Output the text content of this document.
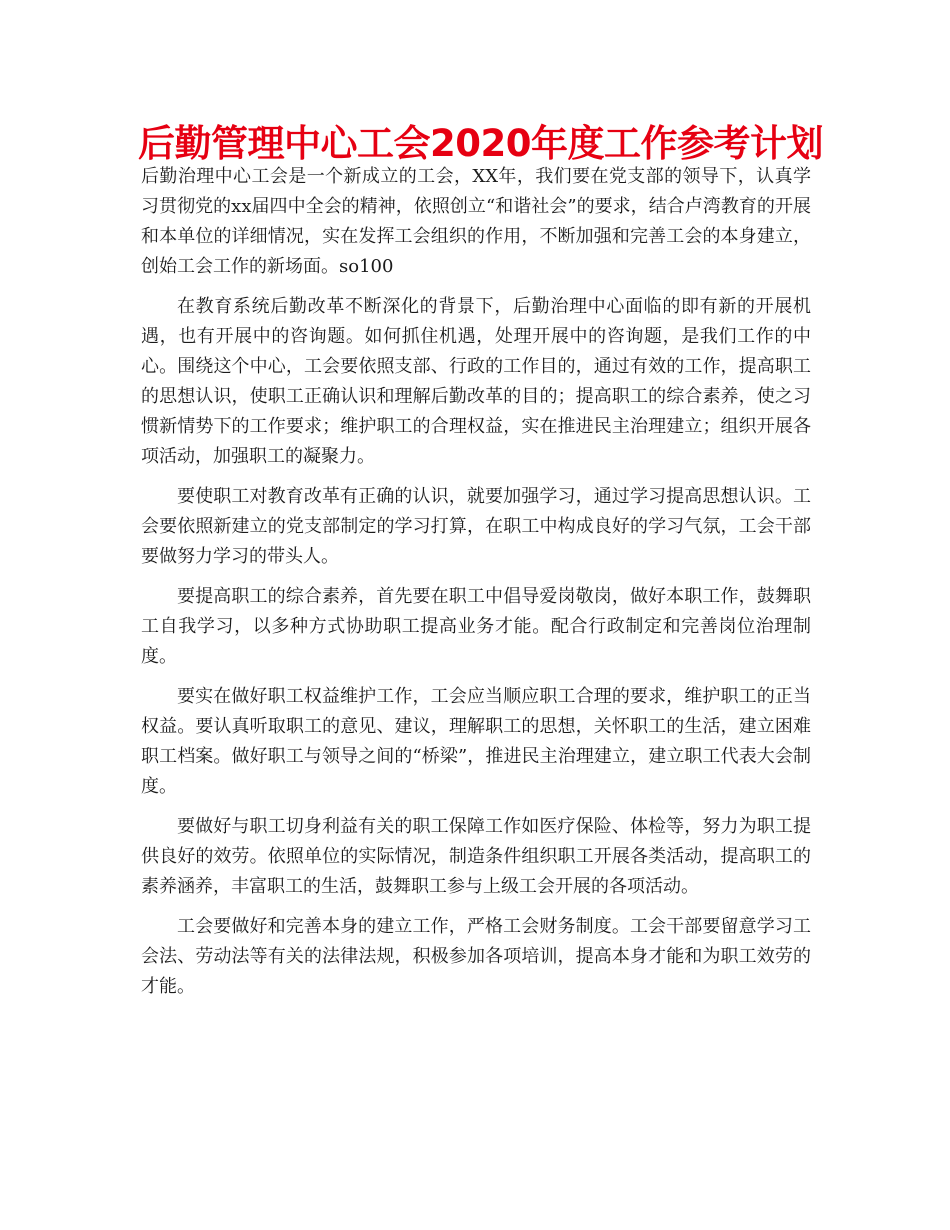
后勤管理中心工会2020年度工作参考计划

后勤治理中心工会是一个新成立的工会，XX年，我们要在党支部的领导下，认真学习贯彻党的xx届四中全会的精神，依照创立“和谐社会”的要求，结合卢湾教育的开展和本单位的详细情况，实在发挥工会组织的作用，不断加强和完善工会的本身建立，创始工会工作的新场面。so100

在教育系统后勤改革不断深化的背景下，后勤治理中心面临的即有新的开展机遇，也有开展中的咨询题。如何抓住机遇，处理开展中的咨询题，是我们工作的中心。围绕这个中心，工会要依照支部、行政的工作目的，通过有效的工作，提高职工的思想认识，使职工正确认识和理解后勤改革的目的；提高职工的综合素养，使之习惯新情势下的工作要求；维护职工的合理权益，实在推进民主治理建立；组织开展各项活动，加强职工的凝聚力。

要使职工对教育改革有正确的认识，就要加强学习，通过学习提高思想认识。工会要依照新建立的党支部制定的学习打算，在职工中构成良好的学习气氛，工会干部要做努力学习的带头人。

要提高职工的综合素养，首先要在职工中倡导爱岗敬岗，做好本职工作，鼓舞职工自我学习，以多种方式协助职工提高业务才能。配合行政制定和完善岗位治理制度。

要实在做好职工权益维护工作，工会应当顺应职工合理的要求，维护职工的正当权益。要认真听取职工的意见、建议，理解职工的思想，关怀职工的生活，建立困难职工档案。做好职工与领导之间的“桥梁”，推进民主治理建立，建立职工代表大会制度。

要做好与职工切身利益有关的职工保障工作如医疗保险、体检等，努力为职工提供良好的效劳。依照单位的实际情况，制造条件组织职工开展各类活动，提高职工的素养涵养，丰富职工的生活，鼓舞职工参与上级工会开展的各项活动。

工会要做好和完善本身的建立工作，严格工会财务制度。工会干部要留意学习工会法、劳动法等有关的法律法规，积极参加各项培训，提高本身才能和为职工效劳的才能。
